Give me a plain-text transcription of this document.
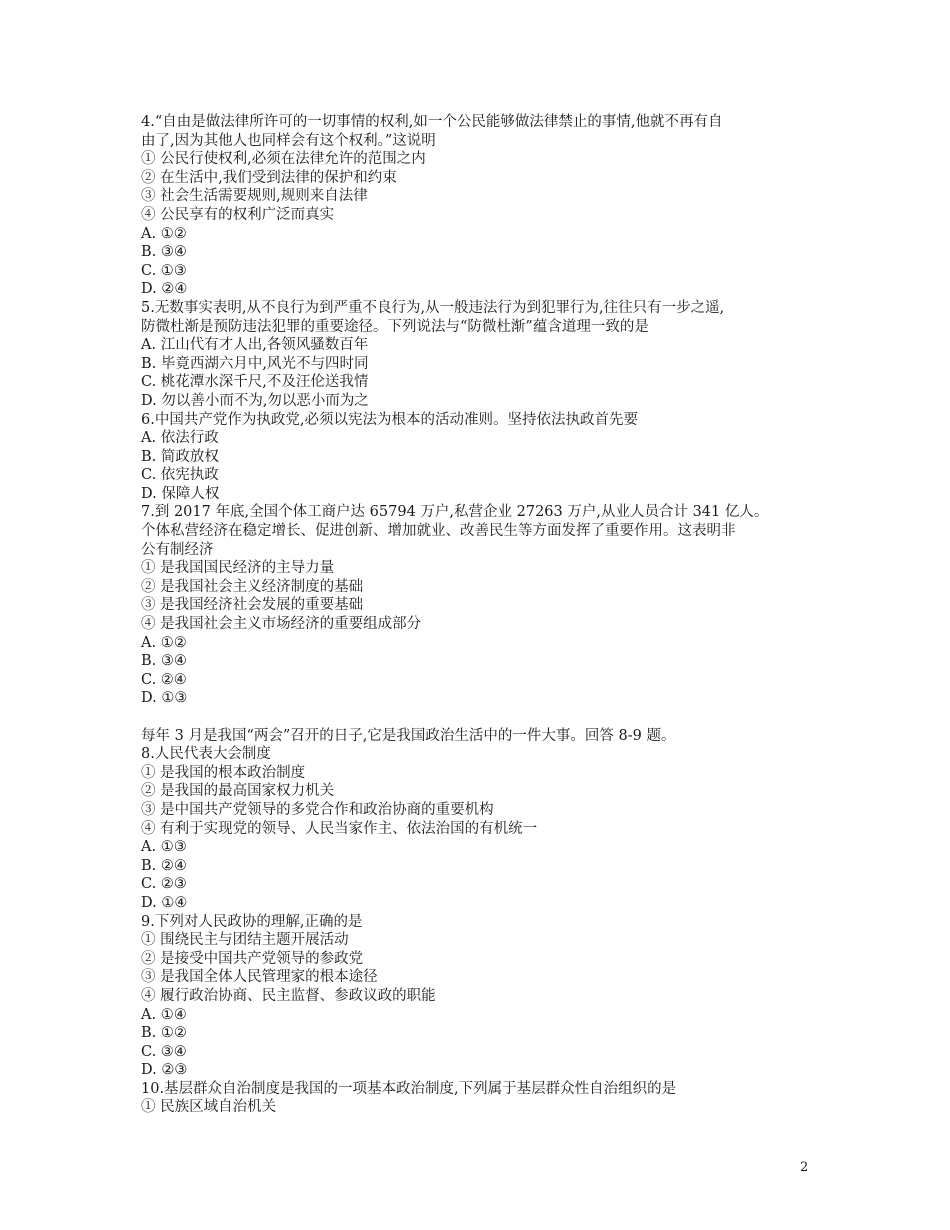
4.“自由是做法律所许可的一切事情的权利,如一个公民能够做法律禁止的事情,他就不再有自
由了,因为其他人也同样会有这个权利。”这说明
① 公民行使权利,必须在法律允许的范围之内
② 在生活中,我们受到法律的保护和约束
③ 社会生活需要规则,规则来自法律
④ 公民享有的权利广泛而真实
A. ①②
B. ③④
C. ①③
D. ②④
5.无数事实表明,从不良行为到严重不良行为,从一般违法行为到犯罪行为,往往只有一步之遥,
防微杜渐是预防违法犯罪的重要途径。下列说法与“防微杜渐”蕴含道理一致的是
A. 江山代有才人出,各领风骚数百年
B. 毕竟西湖六月中,风光不与四时同
C. 桃花潭水深千尺,不及汪伦送我情
D. 勿以善小而不为,勿以恶小而为之
6.中国共产党作为执政党,必须以宪法为根本的活动准则。坚持依法执政首先要
A. 依法行政
B. 简政放权
C. 依宪执政
D. 保障人权
7.到 2017 年底,全国个体工商户达 65794 万户,私营企业 27263 万户,从业人员合计 341 亿人。
个体私营经济在稳定增长、促进创新、增加就业、改善民生等方面发挥了重要作用。这表明非
公有制经济
① 是我国国民经济的主导力量
② 是我国社会主义经济制度的基础
③ 是我国经济社会发展的重要基础
④ 是我国社会主义市场经济的重要组成部分
A. ①②
B. ③④
C. ②④
D. ①③
每年 3 月是我国“两会”召开的日子,它是我国政治生活中的一件大事。回答 8-9 题。
8.人民代表大会制度
① 是我国的根本政治制度
② 是我国的最高国家权力机关
③ 是中国共产党领导的多党合作和政治协商的重要机构
④ 有利于实现党的领导、人民当家作主、依法治国的有机统一
A. ①③
B. ②④
C. ②③
D. ①④
9.下列对人民政协的理解,正确的是
① 围绕民主与团结主题开展活动
② 是接受中国共产党领导的参政党
③ 是我国全体人民管理家的根本途径
④ 履行政治协商、民主监督、参政议政的职能
A. ①④
B. ①②
C. ③④
D. ②③
10.基层群众自治制度是我国的一项基本政治制度,下列属于基层群众性自治组织的是
① 民族区域自治机关
2
